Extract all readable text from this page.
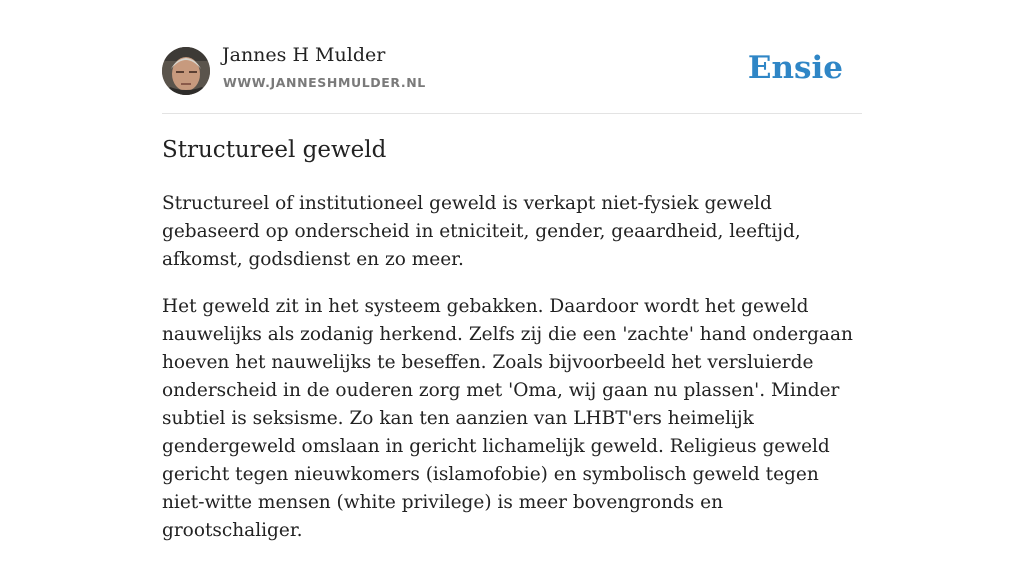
Jannes H Mulder
WWW.JANNESHMULDER.NL	Ensie
Structureel geweld

Structureel of institutioneel geweld is verkapt niet-fysiek geweld gebaseerd op onderscheid in etniciteit, gender, geaardheid, leeftijd, afkomst, godsdienst en zo meer.

Het geweld zit in het systeem gebakken. Daardoor wordt het geweld nauwelijks als zodanig herkend. Zelfs zij die een 'zachte' hand ondergaan hoeven het nauwelijks te beseffen. Zoals bijvoorbeeld het versluierde onderscheid in de ouderen zorg met 'Oma, wij gaan nu plassen'. Minder subtiel is seksisme. Zo kan ten aanzien van LHBT'ers heimelijk gendergeweld omslaan in gericht lichamelijk geweld. Religieus geweld gericht tegen nieuwkomers (islamofobie) en symbolisch geweld tegen niet-witte mensen (white privilege) is meer bovengronds en grootschaliger.
